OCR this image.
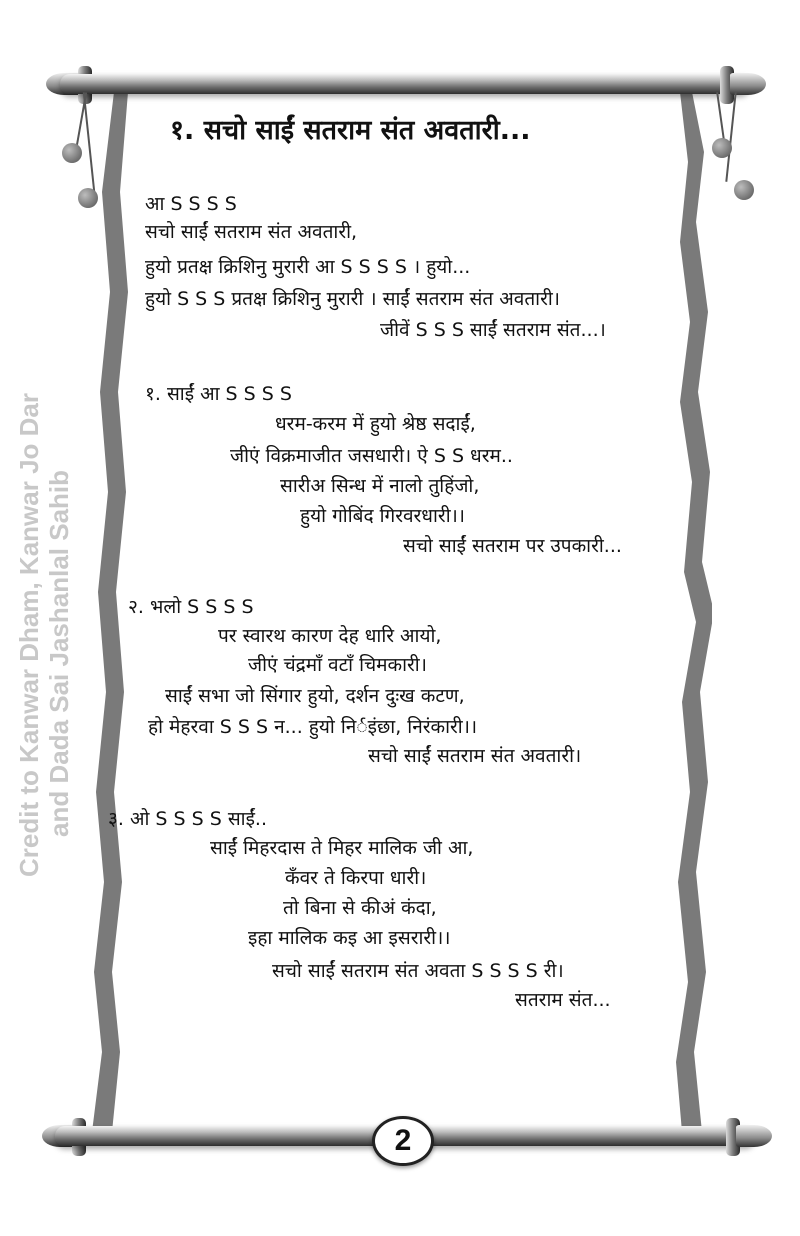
2
Credit to Kanwar Dham, Kanwar Jo Dar and Dada Sai Jashanlal Sahib
१. सचो साईं सतराम संत अवतारी...
आ S S S S
सचो साईं सतराम संत अवतारी,
हुयो प्रतक्ष क्रिशिनु मुरारी आ S S S S । हुयो...
हुयो S S S प्रतक्ष क्रिशिनु मुरारी । साईं सतराम संत अवतारी।
जीवें S S S साईं सतराम संत...।
१. साईं आ S S S S
धरम-करम में हुयो श्रेष्ठ सदाईं,
जीएं विक्रमाजीत जसधारी। ऐ S S धरम..
सारीअ सिन्ध में नालो तुहिंजो,
हुयो गोबिंद गिरवरधारी।।
सचो साईं सतराम पर उपकारी...
२. भलो S S S S
पर स्वारथ कारण देह धारि आयो,
जीएं चंद्रमाँ वटाँ चिमकारी।
साईं सभा जो सिंगार हुयो, दर्शन दुःख कटण,
हो मेहरवा S S S न... हुयो निर्इंछा, निरंकारी।।
सचो साईं सतराम संत अवतारी।
३. ओ S S S S साईं..
साईं मिहरदास ते मिहर मालिक जी आ,
कँवर ते किरपा धारी।
तो बिना से कीअं कंदा,
इहा मालिक कइ आ इसरारी।।
सचो साईं सतराम संत अवता S S S S री।
सतराम संत...
